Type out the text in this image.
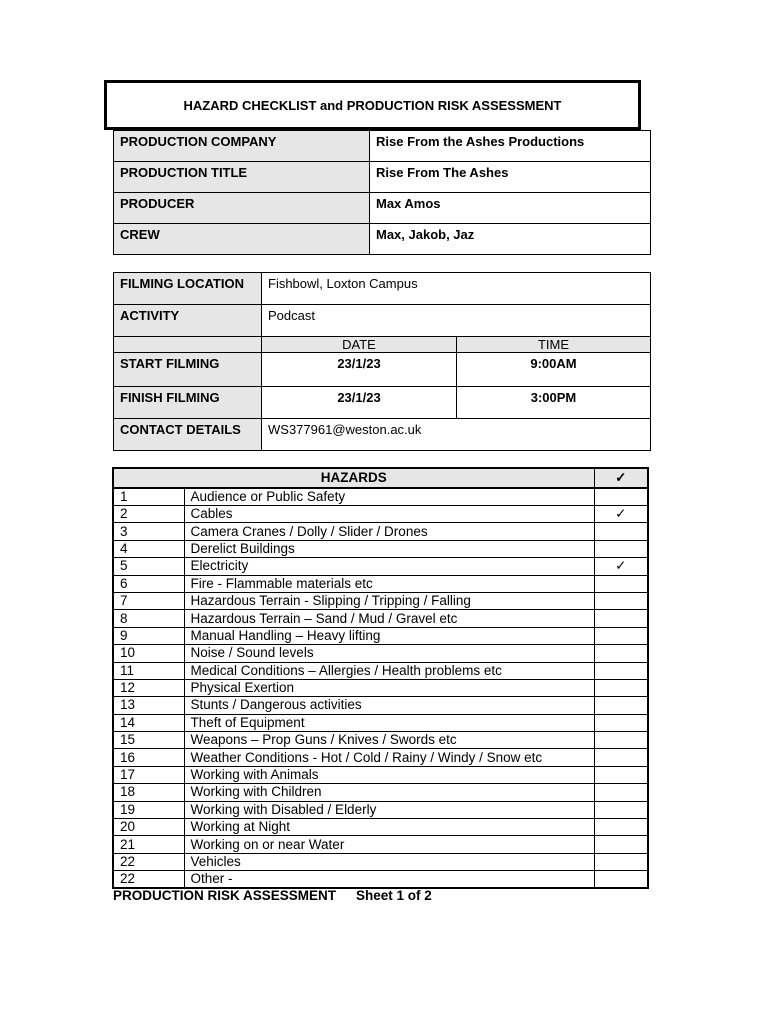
HAZARD CHECKLIST and PRODUCTION RISK ASSESSMENT
PRODUCTION COMPANY	Rise From the Ashes Productions
PRODUCTION TITLE	Rise From The Ashes
PRODUCER	Max Amos
CREW	Max, Jakob, Jaz
FILMING LOCATION	Fishbowl, Loxton Campus	
ACTIVITY	Podcast	
	DATE	TIME
START FILMING	23/1/23	9:00AM
FINISH FILMING	23/1/23	3:00PM
CONTACT DETAILS	WS377961@weston.ac.uk	
HAZARDS		✓
1	Audience or Public Safety	
2	Cables	✓
3	Camera Cranes / Dolly / Slider / Drones	
4	Derelict Buildings	
5	Electricity	✓
6	Fire - Flammable materials etc	
7	Hazardous Terrain - Slipping / Tripping / Falling	
8	Hazardous Terrain – Sand / Mud / Gravel etc	
9	Manual Handling – Heavy lifting	
10	Noise / Sound levels	
11	Medical Conditions – Allergies / Health problems etc	
12	Physical Exertion	
13	Stunts / Dangerous activities	
14	Theft of Equipment	
15	Weapons – Prop Guns / Knives / Swords etc	
16	Weather Conditions - Hot / Cold / Rainy / Windy / Snow etc	
17	Working with Animals	
18	Working with Children	
19	Working with Disabled / Elderly	
20	Working at Night	
21	Working on or near Water	
22	Vehicles	
22	Other -	
PRODUCTION RISK ASSESSMENT Sheet 1 of 2
